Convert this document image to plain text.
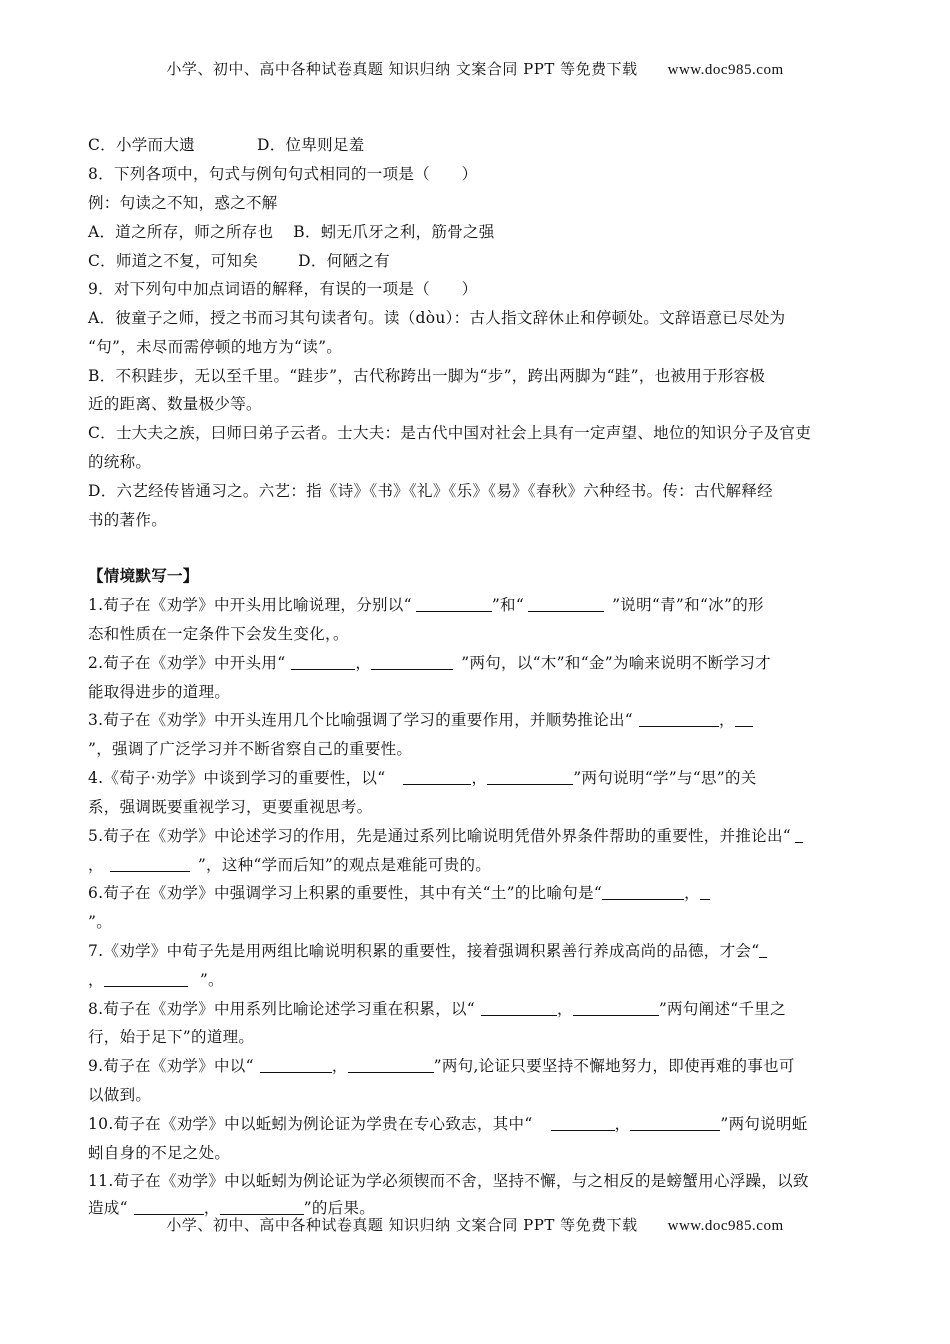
小学、初中、高中各种试卷真题 知识归纳 文案合同 PPT 等免费下载 www.doc985.com
C．小学而大遗	D．位卑则足羞
8．下列各项中，句式与例句句式相同的一项是（　　）
例：句读之不知，惑之不解
A．道之所存，师之所存也 B．蚓无爪牙之利，筋骨之强
C．师道之不复，可知矣	D．何陋之有
9．对下列句中加点词语的解释，有误的一项是（　　）
A．彼童子之师，授之书而习其句读者句。读（dòu）：古人指文辞休止和停顿处。文辞语意已尽处为
“句”，未尽而需停顿的地方为“读”。
B．不积跬步，无以至千里。“跬步”，古代称跨出一脚为“步”，跨出两脚为“跬”，也被用于形容极
近的距离、数量极少等。
C．士大夫之族，曰师曰弟子云者。士大夫：是古代中国对社会上具有一定声望、地位的知识分子及官吏
的统称。
D．六艺经传皆通习之。六艺：指《诗》《书》《礼》《乐》《易》《春秋》六种经书。传：古代解释经
书的著作。
【情境默写一】
1.荀子在《劝学》中开头用比喻说理，分别以“	”和“	”说明“青”和“冰”的形
态和性质在一定条件下会发生变化，。
2.荀子在《劝学》中开头用“	，	”两句，以“木”和“金”为喻来说明不断学习才
能取得进步的道理。
3.荀子在《劝学》中开头连用几个比喻强调了学习的重要作用，并顺势推论出“	，
”，强调了广泛学习并不断省察自己的重要性。
4.《荀子·劝学》中谈到学习的重要性，以“	，	”两句说明“学”与“思”的关
系，强调既要重视学习，更要重视思考。
5.荀子在《劝学》中论述学习的作用，先是通过系列比喻说明凭借外界条件帮助的重要性，并推论出“
，	”，这种“学而后知”的观点是难能可贵的。
6.荀子在《劝学》中强调学习上积累的重要性，其中有关“土”的比喻句是“	，
”。
7.《劝学》中荀子先是用两组比喻说明积累的重要性，接着强调积累善行养成高尚的品德，才会“
，	”。
8.荀子在《劝学》中用系列比喻论述学习重在积累，以“	，	”两句阐述“千里之
行，始于足下”的道理。
9.荀子在《劝学》中以“	，	”两句,论证只要坚持不懈地努力，即使再难的事也可
以做到。
10.荀子在《劝学》中以蚯蚓为例论证为学贵在专心致志，其中“	，	”两句说明蚯
蚓自身的不足之处。
11.荀子在《劝学》中以蚯蚓为例论证为学必须锲而不舍，坚持不懈，与之相反的是螃蟹用心浮躁，以致
造成“	，	”的后果。
小学、初中、高中各种试卷真题 知识归纳 文案合同 PPT 等免费下载 www.doc985.com
